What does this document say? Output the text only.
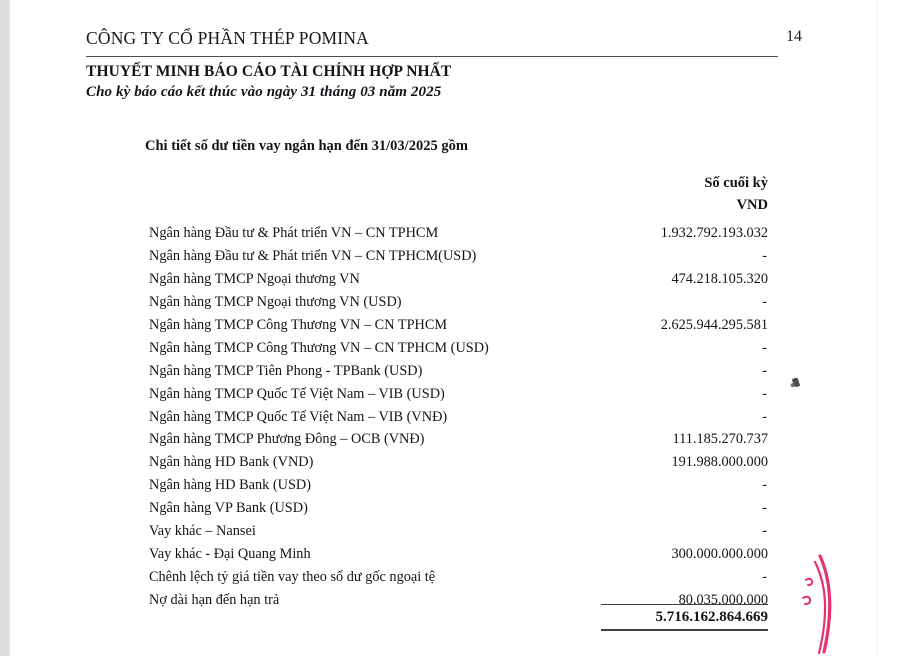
CÔNG TY CỔ PHẦN THÉP POMINA	14
THUYẾT MINH BÁO CÁO TÀI CHÍNH HỢP NHẤT
Cho kỳ báo cáo kết thúc vào ngày 31 tháng 03 năm 2025
Chi tiết số dư tiền vay ngắn hạn đến 31/03/2025 gồm
Số cuối kỳ
VND
Ngân hàng Đầu tư & Phát triển VN – CN TPHCM	1.932.792.193.032
Ngân hàng Đầu tư & Phát triển VN – CN TPHCM(USD)	-
Ngân hàng TMCP Ngoại thương VN	474.218.105.320
Ngân hàng TMCP Ngoại thương VN (USD)	-
Ngân hàng TMCP Công Thương VN – CN TPHCM	2.625.944.295.581
Ngân hàng TMCP Công Thương VN – CN TPHCM (USD)	-
Ngân hàng TMCP Tiên Phong - TPBank (USD)	-
Ngân hàng TMCP Quốc Tế Việt Nam – VIB (USD)	-
Ngân hàng TMCP Quốc Tế Việt Nam – VIB (VNĐ)	-
Ngân hàng TMCP Phương Đông – OCB (VNĐ)	111.185.270.737
Ngân hàng HD Bank (VND)	191.988.000.000
Ngân hàng HD Bank (USD)	-
Ngân hàng VP Bank (USD)	-
Vay khác – Nansei	-
Vay khác - Đại Quang Minh	300.000.000.000
Chênh lệch tỷ giá tiền vay theo số dư gốc ngoại tệ	-
Nợ dài hạn đến hạn trả	80.035.000.000
5.716.162.864.669
